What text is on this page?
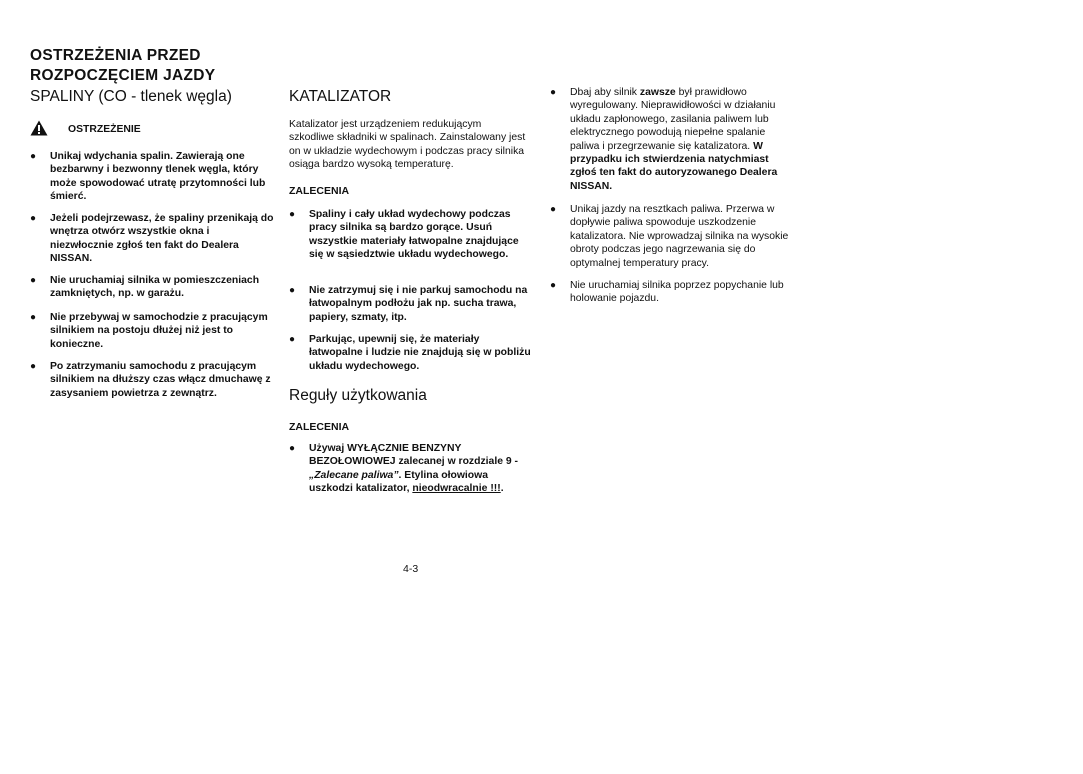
OSTRZEŻENIA PRZED
ROZPOCZĘCIEM JAZDY
SPALINY (CO - tlenek węgla)
OSTRZEŻENIE
● Unikaj wdychania spalin. Zawierają one bezbarwny i bezwonny tlenek węgla, który może spowodować utratę przytomności lub śmierć.
● Jeżeli podejrzewasz, że spaliny przenikają do wnętrza otwórz wszystkie okna i niezwłocznie zgłoś ten fakt do Dealera NISSAN.
● Nie uruchamiaj silnika w pomieszczeniach zamkniętych, np. w garażu.
● Nie przebywaj w samochodzie z pracującym silnikiem na postoju dłużej niż jest to konieczne.
● Po zatrzymaniu samochodu z pracującym silnikiem na dłuższy czas włącz dmuchawę z zasysaniem powietrza z zewnątrz.
KATALIZATOR
Katalizator jest urządzeniem redukującym szkodliwe składniki w spalinach. Zainstalowany jest on w układzie wydechowym i podczas pracy silnika osiąga bardzo wysoką temperaturę.
ZALECENIA
● Spaliny i cały układ wydechowy podczas pracy silnika są bardzo gorące. Usuń wszystkie materiały łatwopalne znajdujące się w sąsiedztwie układu wydechowego.
● Nie zatrzymuj się i nie parkuj samochodu na łatwopalnym podłożu jak np. sucha trawa, papiery, szmaty, itp.
● Parkując, upewnij się, że materiały łatwopalne i ludzie nie znajdują się w pobliżu układu wydechowego.
Reguły użytkowania
ZALECENIA
● Używaj WYŁĄCZNIE BENZYNY BEZOŁOWIOWEJ zalecanej w rozdziale 9 - „Zalecane paliwa”. Etylina ołowiowa uszkodzi katalizator, nieodwracalnie !!!.
● Dbaj aby silnik zawsze był prawidłowo wyregulowany. Nieprawidłowości w działaniu układu zapłonowego, zasilania paliwem lub elektrycznego powodują niepełne spalanie paliwa i przegrzewanie się katalizatora. W przypadku ich stwierdzenia natychmiast zgłoś ten fakt do autoryzowanego Dealera NISSAN.
● Unikaj jazdy na resztkach paliwa. Przerwa w dopływie paliwa spowoduje uszkodzenie katalizatora. Nie wprowadzaj silnika na wysokie obroty podczas jego nagrzewania się do optymalnej temperatury pracy.
● Nie uruchamiaj silnika poprzez popychanie lub holowanie pojazdu.
4-3
